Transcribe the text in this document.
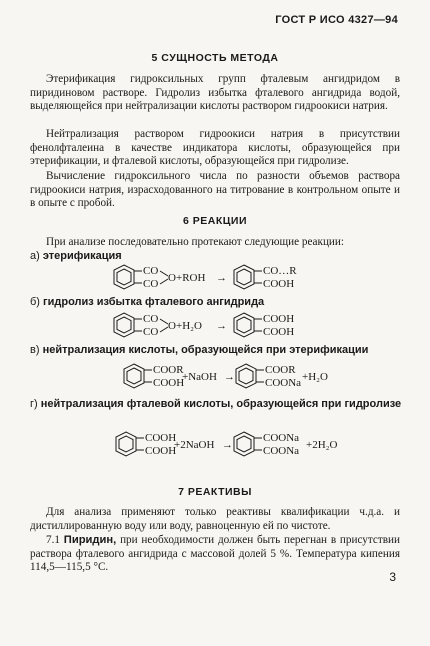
ГОСТ Р ИСО 4327—94
5 СУЩНОСТЬ МЕТОДА
Этерификация гидроксильных групп фталевым ангидридом в пиридиновом растворе. Гидролиз избытка фталевого ангидрида водой, выделяющейся при нейтрализации кислоты раствором гидроокиси натрия.
Нейтрализация раствором гидроокиси натрия в присутствии фенолфталеина в качестве индикатора кислоты, образующейся при этерификации, и фталевой кислоты, образующейся при гидролизе.
Вычисление гидроксильного числа по разности объемов раствора гидроокиси натрия, израсходованного на титрование в контрольном опыте и в опыте с пробой.
6 РЕАКЦИИ
При анализе последовательно протекают следующие реакции:
а) этерификация
CO
CO O +ROH →
CO…R
COOH
б) гидролиз избытка фталевого ангидрида
CO
CO O +H₂O →
COOH
COOH
в) нейтрализация кислоты, образующейся при этерификации
COOR
COOH
+NaOH →
COOR
COONa +H₂O
г) нейтрализация фталевой кислоты, образующейся при гидролизе
COOH
COOH
+2NaOH →
COONa
COONa +2H₂O
7 РЕАКТИВЫ
Для анализа применяют только реактивы квалификации ч.д.а. и дистиллированную воду или воду, равноценную ей по чистоте.
7.1 Пиридин, при необходимости должен быть перегнан в присутствии раствора фталевого ангидрида с массовой долей 5 %. Температура кипения 114,5—115,5 °С.
3
